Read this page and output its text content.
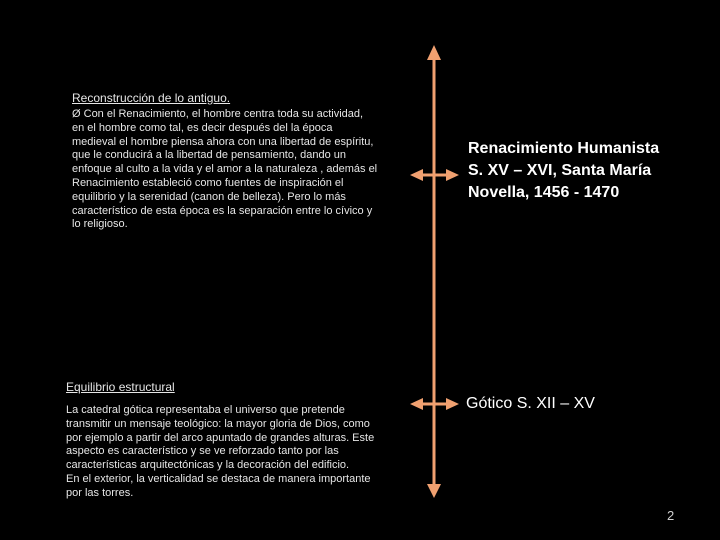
Reconstrucción de lo antiguo.
Ø Con el Renacimiento, el hombre centra toda su actividad,
en el hombre como tal, es decir después del la época
medieval el hombre piensa ahora con una libertad de espíritu,
que le conducirá a la libertad de pensamiento, dando un
enfoque al culto a la vida y el amor a la naturaleza , además el
Renacimiento estableció como fuentes de inspiración el
equilibrio y la serenidad (canon de belleza). Pero lo más
característico de esta época es la separación entre lo cívico y
lo religioso.
Renacimiento Humanista
S. XV – XVI, Santa María
Novella, 1456 - 1470
Equilibrio estructural
La catedral gótica representaba el universo que pretende
transmitir un mensaje teológico: la mayor gloria de Dios, como
por ejemplo a partir del arco apuntado de grandes alturas. Este
aspecto es característico y se ve reforzado tanto por las
características arquitectónicas y la decoración del edificio.
En el exterior, la verticalidad se destaca de manera importante
por las torres.
Gótico S. XII – XV
2
